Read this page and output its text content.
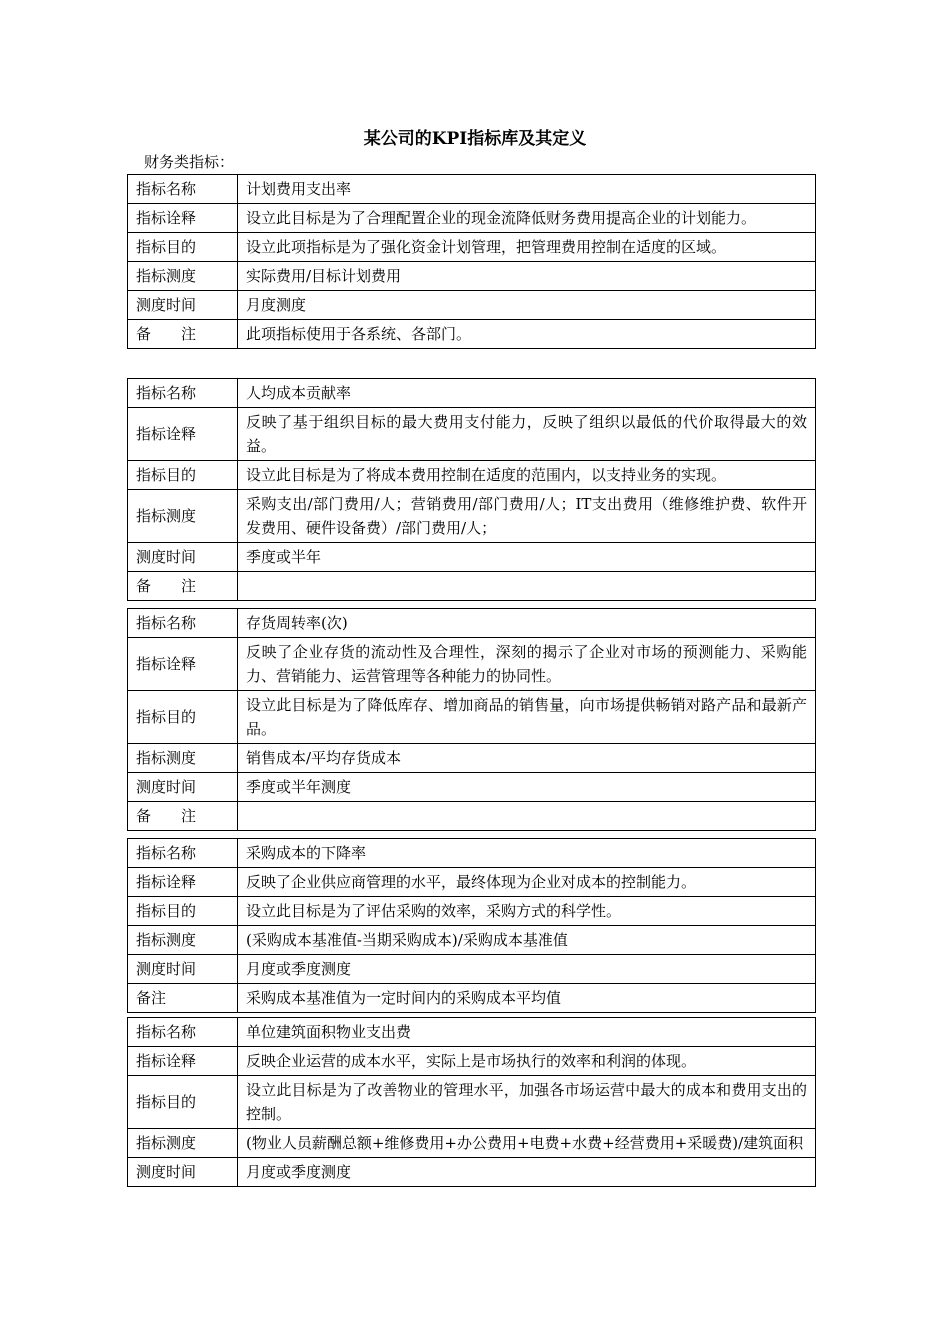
某公司的KPI指标库及其定义
财务类指标：
指标名称	计划费用支出率
指标诠释	设立此目标是为了合理配置企业的现金流降低财务费用提高企业的计划能力。
指标目的	设立此项指标是为了强化资金计划管理，把管理费用控制在适度的区域。
指标测度	实际费用/目标计划费用
测度时间	月度测度
备　　注	此项指标使用于各系统、各部门。
指标名称	人均成本贡献率
指标诠释	反映了基于组织目标的最大费用支付能力，反映了组织以最低的代价取得最大的效益。
指标目的	设立此目标是为了将成本费用控制在适度的范围内，以支持业务的实现。
指标测度	采购支出/部门费用/人；营销费用/部门费用/人；IT支出费用（维修维护费、软件开发费用、硬件设备费）/部门费用/人；
测度时间	季度或半年
备　　注	
指标名称	存货周转率(次)
指标诠释	反映了企业存货的流动性及合理性，深刻的揭示了企业对市场的预测能力、采购能力、营销能力、运营管理等各种能力的协同性。
指标目的	设立此目标是为了降低库存、增加商品的销售量，向市场提供畅销对路产品和最新产品。
指标测度	销售成本/平均存货成本
测度时间	季度或半年测度
备　　注	
指标名称	采购成本的下降率
指标诠释	反映了企业供应商管理的水平，最终体现为企业对成本的控制能力。
指标目的	设立此目标是为了评估采购的效率，采购方式的科学性。
指标测度	(采购成本基准值-当期采购成本)/采购成本基准值
测度时间	月度或季度测度
备注	采购成本基准值为一定时间内的采购成本平均值
指标名称	单位建筑面积物业支出费
指标诠释	反映企业运营的成本水平，实际上是市场执行的效率和利润的体现。
指标目的	设立此目标是为了改善物业的管理水平，加强各市场运营中最大的成本和费用支出的控制。
指标测度	(物业人员薪酬总额+维修费用+办公费用+电费+水费+经营费用+采暖费)/建筑面积
测度时间	月度或季度测度
